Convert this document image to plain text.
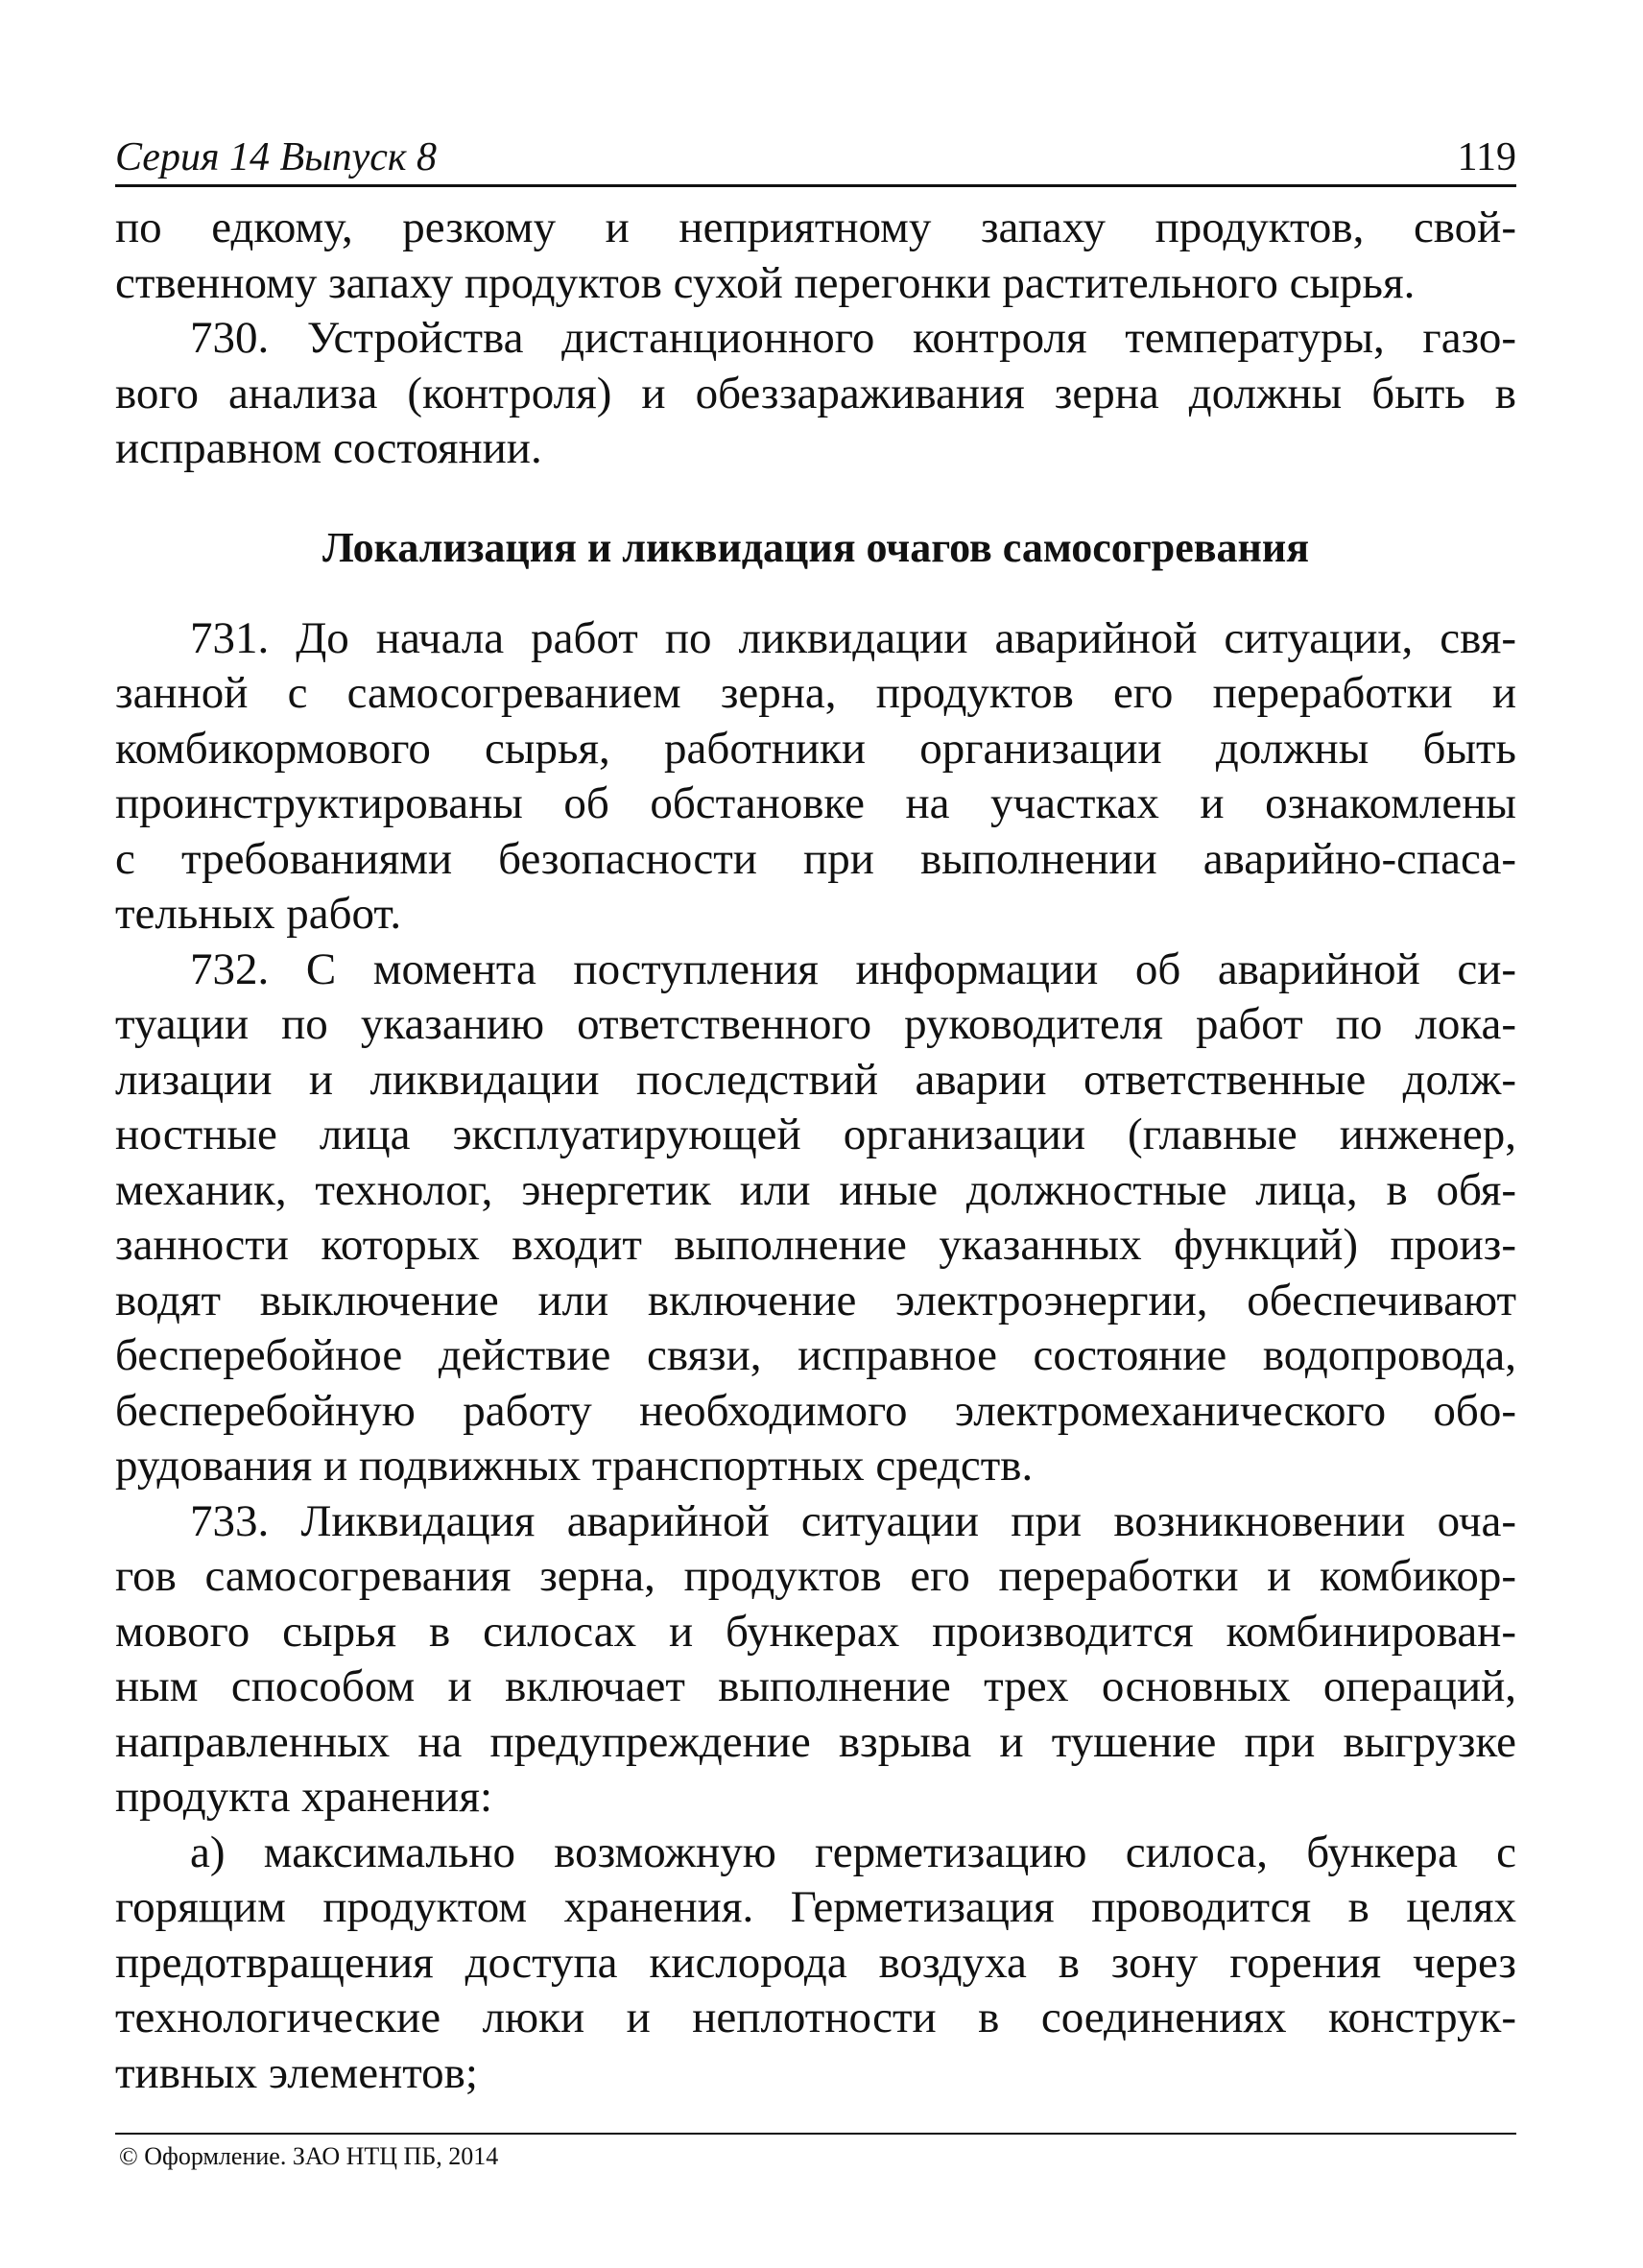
Серия 14 Выпуск 8	119

по едкому, резкому и неприятному запаху продуктов, свой-

ственному запаху продуктов сухой перегонки растительного сырья.

730. Устройства дистанционного контроля температуры, газо-

вого анализа (контроля) и обеззараживания зерна должны быть в

исправном состоянии.

Локализация и ликвидация очагов самосогревания

731. До начала работ по ликвидации аварийной ситуации, свя-

занной с самосогреванием зерна, продуктов его переработки и

комбикормового сырья, работники организации должны быть

проинструктированы об обстановке на участках и ознакомлены

с требованиями безопасности при выполнении аварийно-спаса-

тельных работ.

732. С момента поступления информации об аварийной си-

туации по указанию ответственного руководителя работ по лока-

лизации и ликвидации последствий аварии ответственные долж-

ностные лица эксплуатирующей организации (главные инженер,

механик, технолог, энергетик или иные должностные лица, в обя-

занности которых входит выполнение указанных функций) произ-

водят выключение или включение электроэнергии, обеспечивают

бесперебойное действие связи, исправное состояние водопровода,

бесперебойную работу необходимого электромеханического обо-

рудования и подвижных транспортных средств.

733. Ликвидация аварийной ситуации при возникновении оча-

гов самосогревания зерна, продуктов его переработки и комбикор-

мового сырья в силосах и бункерах производится комбинирован-

ным способом и включает выполнение трех основных операций,

направленных на предупреждение взрыва и тушение при выгрузке

продукта хранения:

а) максимально возможную герметизацию силоса, бункера с

горящим продуктом хранения. Герметизация проводится в целях

предотвращения доступа кислорода воздуха в зону горения через

технологические люки и неплотности в соединениях конструк-

тивных элементов;

© Оформление. ЗАО НТЦ ПБ, 2014
